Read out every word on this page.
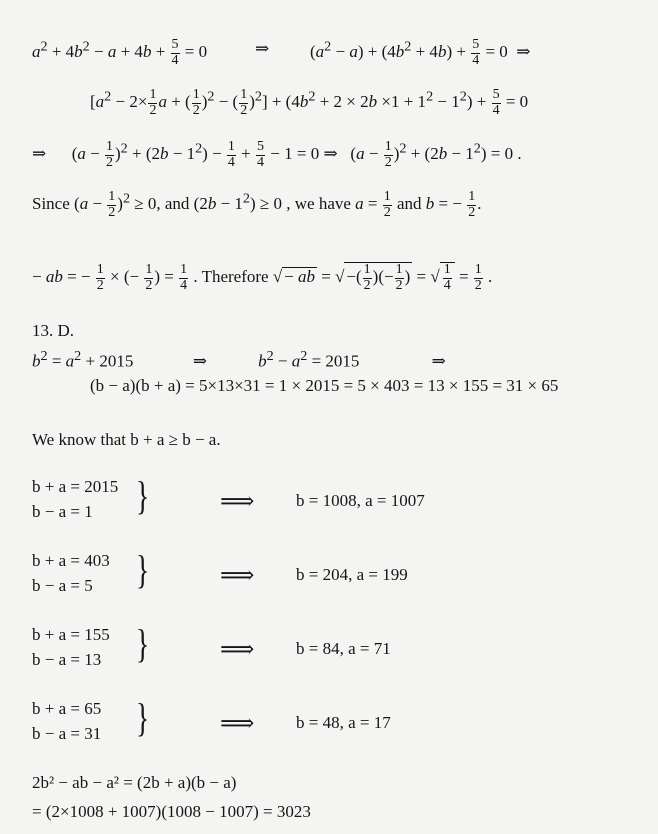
$a^2 + 4b^2 - a + 4b + \frac{5}{4} = 0$	⇒ $(a^2 - a) + (4b^2 + 4b) + \frac{5}{4} = 0$  ⇒
[$a^2 - 2\times \frac{1}{2}$ a + ( $\frac{1}{2} )^2$ − ( $\frac{1}{2} )^2] + (4b^2 + 2 \times 2b \times 1 + 1^2 - 1^2) + \frac{5}{4} = 0$
⇒      $(a - \frac{1}{2} )^2 + (2b - 1^2) - \frac{1}{4} + \frac{5}{4} - 1 = 0$ ⇒   $(a - \frac{1}{2} )^2 + (2b - 1^2) = 0$ .
Since $(a - \frac{1}{2} )^2 \ge 0$, and $(2b - 1^2) \ge 0$ , we have $a = \frac{1}{2}$ and b = − $\frac{1}{2}$ .
− ab = − $\frac{1}{2}$ × (− $\frac{1}{2}$ ) = $\frac{1}{4}$ . Therefore √ − ab = √ −( $\frac{1}{2}$ )(− $\frac{1}{2}$ ) = √ $\frac{1}{4} = \frac{1}{2}$ .
13. D.
$b^2 = a^2 + 2015$              ⇒            $b^2 - a^2 = 2015$                 ⇒
(b − a)(b + a) = 5×13×31 = 1 × 2015 = 5 × 403 = 13 × 155 = 31 × 65
We know that b + a ≥ b − a.
b + a = 2015
b − a = 1 }	⟹ b = 1008, a = 1007
b + a = 403
b − a = 5 }	⟹ b = 204, a = 199
b + a = 155
b − a = 13 }	⟹ b = 84, a = 71
b + a = 65
b − a = 31 }	⟹ b = 48, a = 17
2b² − ab − a² = (2b + a)(b − a)
= (2×1008 + 1007)(1008 − 1007) = 3023
